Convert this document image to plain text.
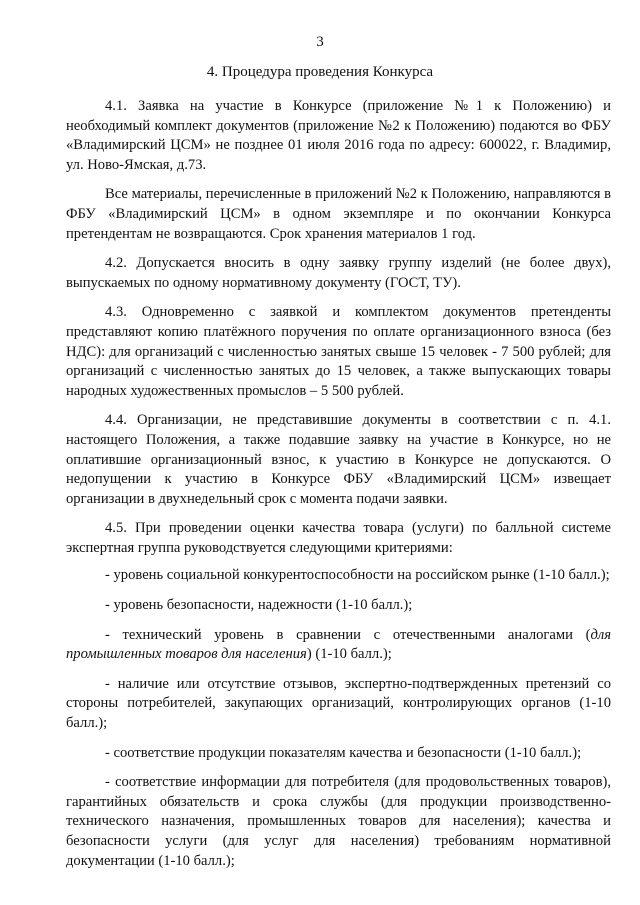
3
4. Процедура проведения Конкурса

4.1. Заявка на участие в Конкурсе (приложение №1 к Положению) и необходимый комплект документов (приложение №2 к Положению) подаются во ФБУ «Владимирский ЦСМ» не позднее 01 июля 2016 года по адресу: 600022, г. Владимир, ул. Ново-Ямская, д.73.

Все материалы, перечисленные в приложений №2 к Положению, направляются в ФБУ «Владимирский ЦСМ» в одном экземпляре и по окончании Конкурса претендентам не возвращаются. Срок хранения материалов 1 год.

4.2. Допускается вносить в одну заявку группу изделий (не более двух), выпускаемых по одному нормативному документу (ГОСТ, ТУ).

4.3. Одновременно с заявкой и комплектом документов претенденты представляют копию платёжного поручения по оплате организационного взноса (без НДС): для организаций с численностью занятых свыше 15 человек - 7 500 рублей; для организаций с численностью занятых до 15 человек, а также выпускающих товары народных художественных промыслов – 5 500 рублей.

4.4. Организации, не представившие документы в соответствии с п. 4.1. настоящего Положения, а также подавшие заявку на участие в Конкурсе, но не оплатившие организационный взнос, к участию в Конкурсе не допускаются. О недопущении к участию в Конкурсе ФБУ «Владимирский ЦСМ» извещает организации в двухнедельный срок с момента подачи заявки.

4.5. При проведении оценки качества товара (услуги) по балльной системе экспертная группа руководствуется следующими критериями:

- уровень социальной конкурентоспособности на российском рынке (1-10 балл.);

- уровень безопасности, надежности (1-10 балл.);

- технический уровень в сравнении с отечественными аналогами (для промышленных товаров для населения) (1-10 балл.);

- наличие или отсутствие отзывов, экспертно-подтвержденных претензий со стороны потребителей, закупающих организаций, контролирующих органов (1-10 балл.);

- соответствие продукции показателям качества и безопасности (1-10 балл.);

- соответствие информации для потребителя (для продовольственных товаров), гарантийных обязательств и срока службы (для продукции производственно-технического назначения, промышленных товаров для населения); качества и безопасности услуги (для услуг для населения) требованиям нормативной документации (1-10 балл.);
